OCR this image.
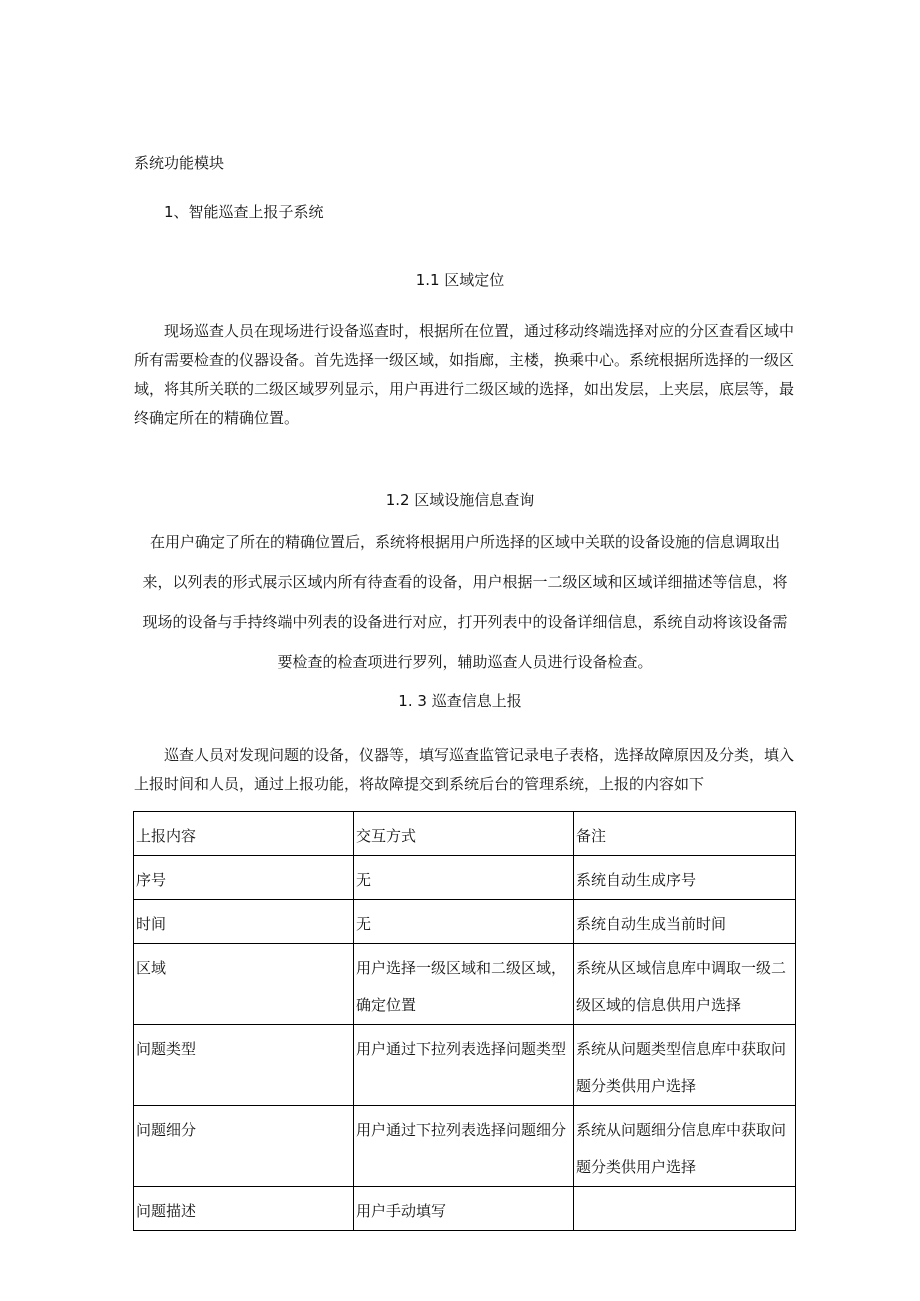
系统功能模块
1、智能巡查上报子系统
1.1 区域定位

现场巡查人员在现场进行设备巡查时，根据所在位置，通过移动终端选择对应的分区查看区域中所有需要检查的仪器设备。首先选择一级区域，如指廊，主楼，换乘中心。系统根据所选择的一级区域，将其所关联的二级区域罗列显示，用户再进行二级区域的选择，如出发层，上夹层，底层等，最终确定所在的精确位置。

1.2 区域设施信息查询
在用户确定了所在的精确位置后，系统将根据用户所选择的区域中关联的设备设施的信息调取出
来，以列表的形式展示区域内所有待查看的设备，用户根据一二级区域和区域详细描述等信息，将
现场的设备与手持终端中列表的设备进行对应，打开列表中的设备详细信息，系统自动将该设备需
要检查的检查项进行罗列，辅助巡查人员进行设备检查。
1. 3 巡查信息上报

巡查人员对发现问题的设备，仪器等，填写巡查监管记录电子表格，选择故障原因及分类，填入上报时间和人员，通过上报功能，将故障提交到系统后台的管理系统，上报的内容如下

上报内容	交互方式	备注
序号	无	系统自动生成序号
时间	无	系统自动生成当前时间
区域	用户选择一级区域和二级区域，确定位置	系统从区域信息库中调取一级二级区域的信息供用户选择
问题类型	用户通过下拉列表选择问题类型	系统从问题类型信息库中获取问题分类供用户选择
问题细分	用户通过下拉列表选择问题细分	系统从问题细分信息库中获取问题分类供用户选择
问题描述	用户手动填写	
